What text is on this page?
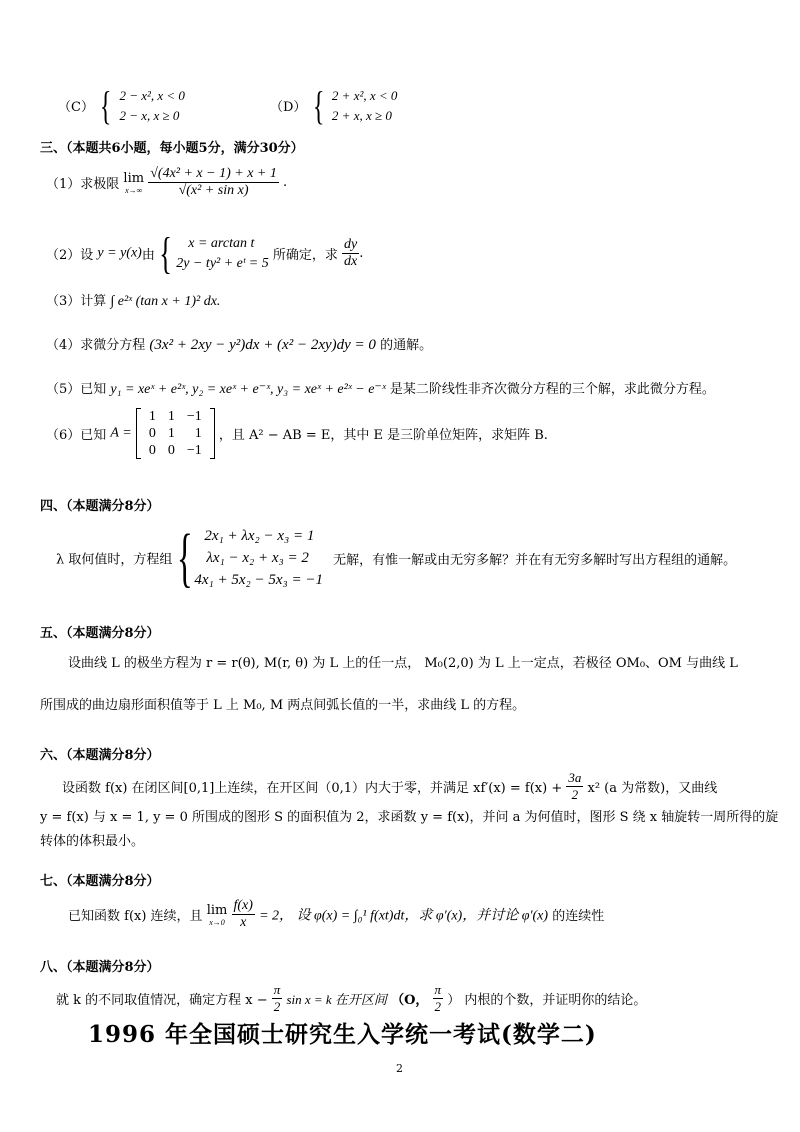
（C） { 2 − x², x < 0
2 − x, x ≥ 0	（D） { 2 + x², x < 0
2 + x, x ≥ 0
三、（本题共6小题，每小题5分，满分30分）
（1）求极限 lim
x→∞
$\frac{\text{√(4x² + x − 1) + x + 1}}{\text{√(x² + sin x)}}$ .
（2）设 y = y(x)由 {	x = arctan t
2y − ty² + eᵗ = 5 所确定，求 $\frac{dy}{dx}$ .
（3）计算 ∫ e²ˣ (tan x + 1)² dx.
（4）求微分方程 (3x² + 2xy − y²)dx + (x² − 2xy)dy = 0 的通解。
（5）已知 y₁ = xeˣ + e²ˣ, y₂ = xeˣ + e⁻ˣ, y₃ = xeˣ + e²ˣ − e⁻ˣ 是某二阶线性非齐次微分方程的三个解，求此微分方程。
（6）已知 A =
1	1	−1
0	1	1
0	0	−1
，且 A² − AB = E，其中 E 是三阶单位矩阵，求矩阵 B.
四、（本题满分8分）
λ 取何值时，方程组 { 2x₁ + λx₂ − x₃ = 1
λx₁ − x₂ + x₃ = 2
4x₁ + 5x₂ − 5x₃ = −1
无解，有惟一解或由无穷多解？并在有无穷多解时写出方程组的通解。
五、（本题满分8分）
设曲线 L 的极坐方程为 r = r(θ), M(r, θ) 为 L 上的任一点， M₀(2,0) 为 L 上一定点，若极径 OM₀、OM 与曲线 L
所围成的曲边扇形面积值等于 L 上 M₀, M 两点间弧长值的一半，求曲线 L 的方程。
六、（本题满分8分）
设函数 f(x) 在闭区间[0,1]上连续，在开区间（0,1）内大于零，并满足 $xf'(x) = f(x) + \frac{3a}{2} x^2$ (a 为常数)，又曲线
y = f(x) 与 x = 1, y = 0 所围成的图形 S 的面积值为 2，求函数 y = f(x)，并问 a 为何值时，图形 S 绕 x 轴旋转一周所得的旋
转体的体积最小。
七、（本题满分8分）
已知函数 f(x) 连续，且 lim
x→0
$\frac{f(x)}{x} = 2$， 设 φ(x) = ∫₀¹ f(xt)dt，求 φ′(x)，并讨论 φ′(x) 的连续性
八、（本题满分8分）
就 k 的不同取值情况，确定方程 $x - \frac{\pi}{2}$ sin x = k 在开区间 （O， $\frac{\pi}{2}$ ） 内根的个数，并证明你的结论。
1996 年全国硕士研究生入学统一考试(数学二)
2
